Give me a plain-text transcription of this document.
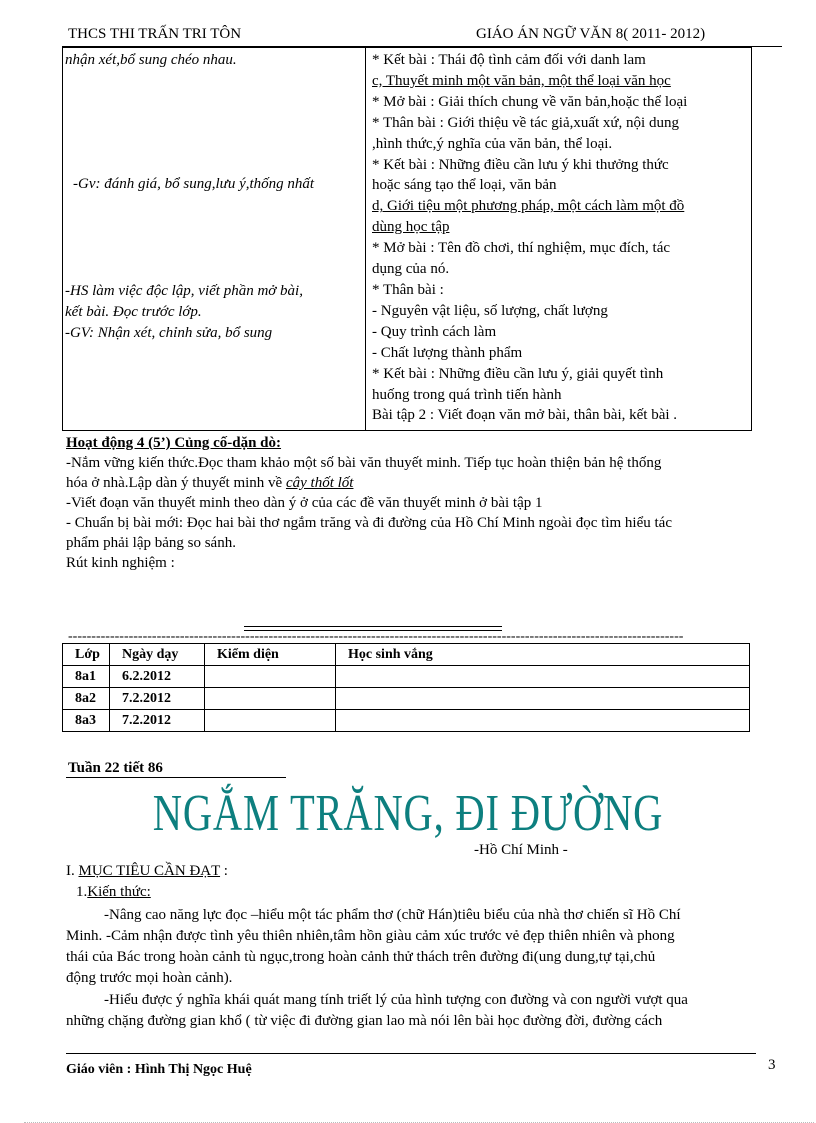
THCS THI TRẤN TRI TÔN	GIÁO ÁN NGỮ VĂN 8( 2011- 2012)
nhận xét,bổ sung chéo nhau.
-Gv: đánh giá, bổ sung,lưu ý,thống nhất
-HS làm việc độc lập, viết phần mở bài,
kết bài. Đọc trước lớp.
-GV: Nhận xét, chỉnh sửa, bổ sung

* Kết bài : Thái độ tình cảm đối với danh lam
c, Thuyết minh một văn bản, một thể loại văn học
* Mở bài : Giải thích chung về văn bản,hoặc thể loại
* Thân bài : Giới thiệu về tác giả,xuất xứ, nội dung
,hình thức,ý nghĩa của văn bản, thể loại.
* Kết bài : Những điều cần lưu ý khi thưởng thức
hoặc sáng tạo thể loại, văn bản
d, Giới tiệu một phương pháp, một cách làm một đồ
dùng học tập
* Mở bài : Tên đồ chơi, thí nghiệm, mục đích, tác
dụng của nó.
* Thân bài :
- Nguyên vật liệu, số lượng, chất lượng
- Quy trình cách làm
- Chất lượng thành phẩm
* Kết bài : Những điều cần lưu ý, giải quyết tình
huống trong quá trình tiến hành
Bài tập 2 : Viết đoạn văn mở bài, thân bài, kết bài .
Hoạt động 4 (5’) Củng cố-dặn dò:
-Nắm vững kiến thức.Đọc tham khảo một số bài văn thuyết minh. Tiếp tục hoàn thiện bản hệ thống
hóa ở nhà.Lập dàn ý thuyết minh về cây thốt lốt
-Viết đoạn văn thuyết minh theo dàn ý ở của các đề văn thuyết minh ở bài tập 1
- Chuẩn bị bài mới: Đọc hai bài thơ ngắm trăng và đi đường của Hồ Chí Minh ngoài đọc tìm hiểu tác
phẩm phải lập bảng so sánh.
Rút kinh nghiệm :
------------------------------------------------------------------------------------------------------------------------------------
Lớp	Ngày dạy	Kiểm diện	Học sinh vắng
8a1	6.2.2012		
8a2	7.2.2012		
8a3	7.2.2012		
Tuần 22 tiết 86
NGẮM TRĂNG, ĐI ĐƯỜNG
-Hồ Chí Minh -
I. MỤC TIÊU CẦN ĐẠT :
1.Kiến thức:
-Nâng cao năng lực đọc –hiểu một tác phẩm thơ (chữ Hán)tiêu biểu của nhà thơ chiến sĩ Hồ Chí
Minh. -Cảm nhận được tình yêu thiên nhiên,tâm hồn giàu cảm xúc trước vẻ đẹp thiên nhiên và phong
thái của Bác trong hoàn cảnh tù ngục,trong hoàn cảnh thử thách trên đường đi(ung dung,tự tại,chủ
động trước mọi hoàn cảnh).
-Hiểu được ý nghĩa khái quát mang tính triết lý của hình tượng con đường và con người vượt qua
những chặng đường gian khổ ( từ việc đi đường gian lao mà nói lên bài học đường đời, đường cách
Giáo viên : Hình Thị Ngọc Huệ	3
